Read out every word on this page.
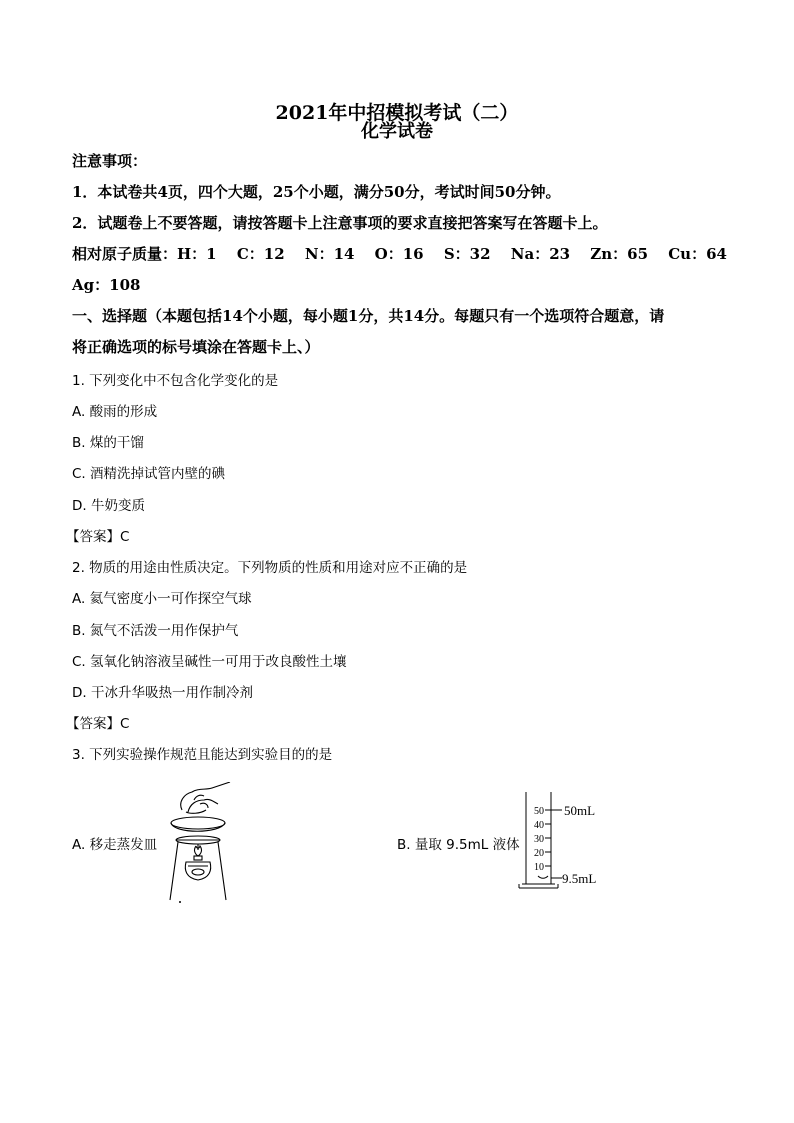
2021年中招模拟考试（二）
化学试卷
注意事项：
1．本试卷共4页，四个大题，25个小题，满分50分，考试时间50分钟。
2．试题卷上不要答题，请按答题卡上注意事项的要求直接把答案写在答题卡上。
相对原子质量：H：1　 C：12　 N：14　 O：16　 S：32　 Na：23　 Zn：65　 Cu：64
Ag：108
一、选择题（本题包括14个小题，每小题1分，共14分。每题只有一个选项符合题意，请
将正确选项的标号填涂在答题卡上、）
1. 下列变化中不包含化学变化的是
A. 酸雨的形成
B. 煤的干馏
C. 酒精洗掉试管内壁的碘
D. 牛奶变质
【答案】C
2. 物质的用途由性质决定。下列物质的性质和用途对应不正确的是
A. 氦气密度小一可作探空气球
B. 氮气不活泼一用作保护气
C. 氢氧化钠溶液呈碱性一可用于改良酸性土壤
D. 干冰升华吸热一用作制冷剂
【答案】C
3. 下列实验操作规范且能达到实验目的的是
A. 移走蒸发皿	B. 量取 9.5mL 液体
50
40
30
20
10
50mL
9.5mL
